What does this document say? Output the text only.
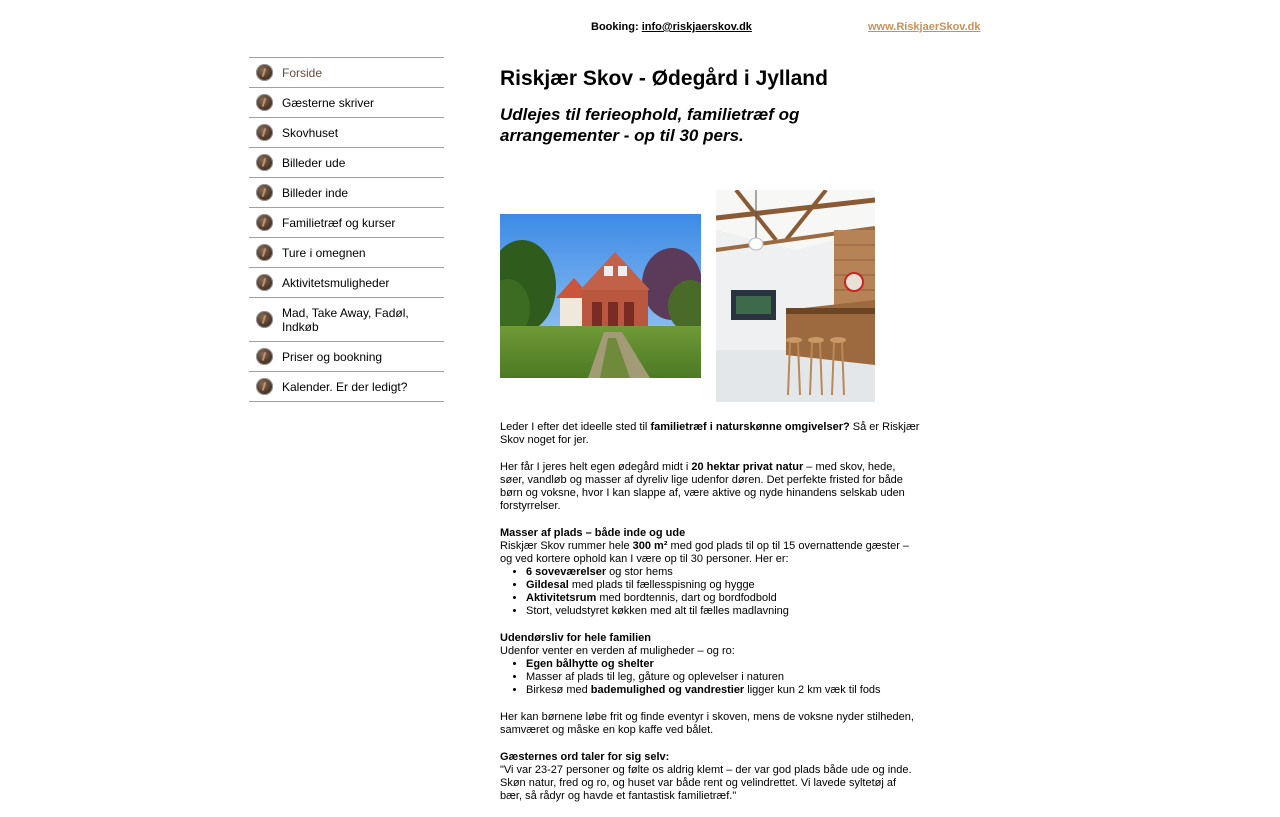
Booking: info@riskjaerskov.dk	www.RiskjaerSkov.dk
Forside
Gæsterne skriver
Skovhuset
Billeder ude
Billeder inde
Familietræf og kurser
Ture i omegnen
Aktivitetsmuligheder
Mad, Take Away, Fadøl, Indkøb
Priser og bookning
Kalender. Er der ledigt?
Riskjær Skov - Ødegård i Jylland
Udlejes til ferieophold, familietræf og arrangementer - op til 30 pers.

Leder I efter det ideelle sted til familietræf i naturskønne omgivelser? Så er Riskjær Skov noget for jer.

Her får I jeres helt egen ødegård midt i 20 hektar privat natur – med skov, hede, søer, vandløb og masser af dyreliv lige udenfor døren. Det perfekte fristed for både børn og voksne, hvor I kan slappe af, være aktive og nyde hinandens selskab uden forstyrrelser.

Masser af plads – både inde og ude
Riskjær Skov rummer hele 300 m² med god plads til op til 15 overnattende gæster – og ved kortere ophold kan I være op til 30 personer. Her er:

• 6 soveværelser og stor hems
• Gildesal med plads til fællesspisning og hygge
• Aktivitetsrum med bordtennis, dart og bordfodbold
• Stort, veludstyret køkken med alt til fælles madlavning

Udendørsliv for hele familien
Udenfor venter en verden af muligheder – og ro:

• Egen bålhytte og shelter
• Masser af plads til leg, gåture og oplevelser i naturen
• Birkesø med bademulighed og vandrestier ligger kun 2 km væk til fods

Her kan børnene løbe frit og finde eventyr i skoven, mens de voksne nyder stilheden, samværet og måske en kop kaffe ved bålet.

Gæsternes ord taler for sig selv:
"Vi var 23-27 personer og følte os aldrig klemt – der var god plads både ude og inde. Skøn natur, fred og ro, og huset var både rent og velindrettet. Vi lavede syltetøj af bær, så rådyr og havde et fantastisk familietræf."
